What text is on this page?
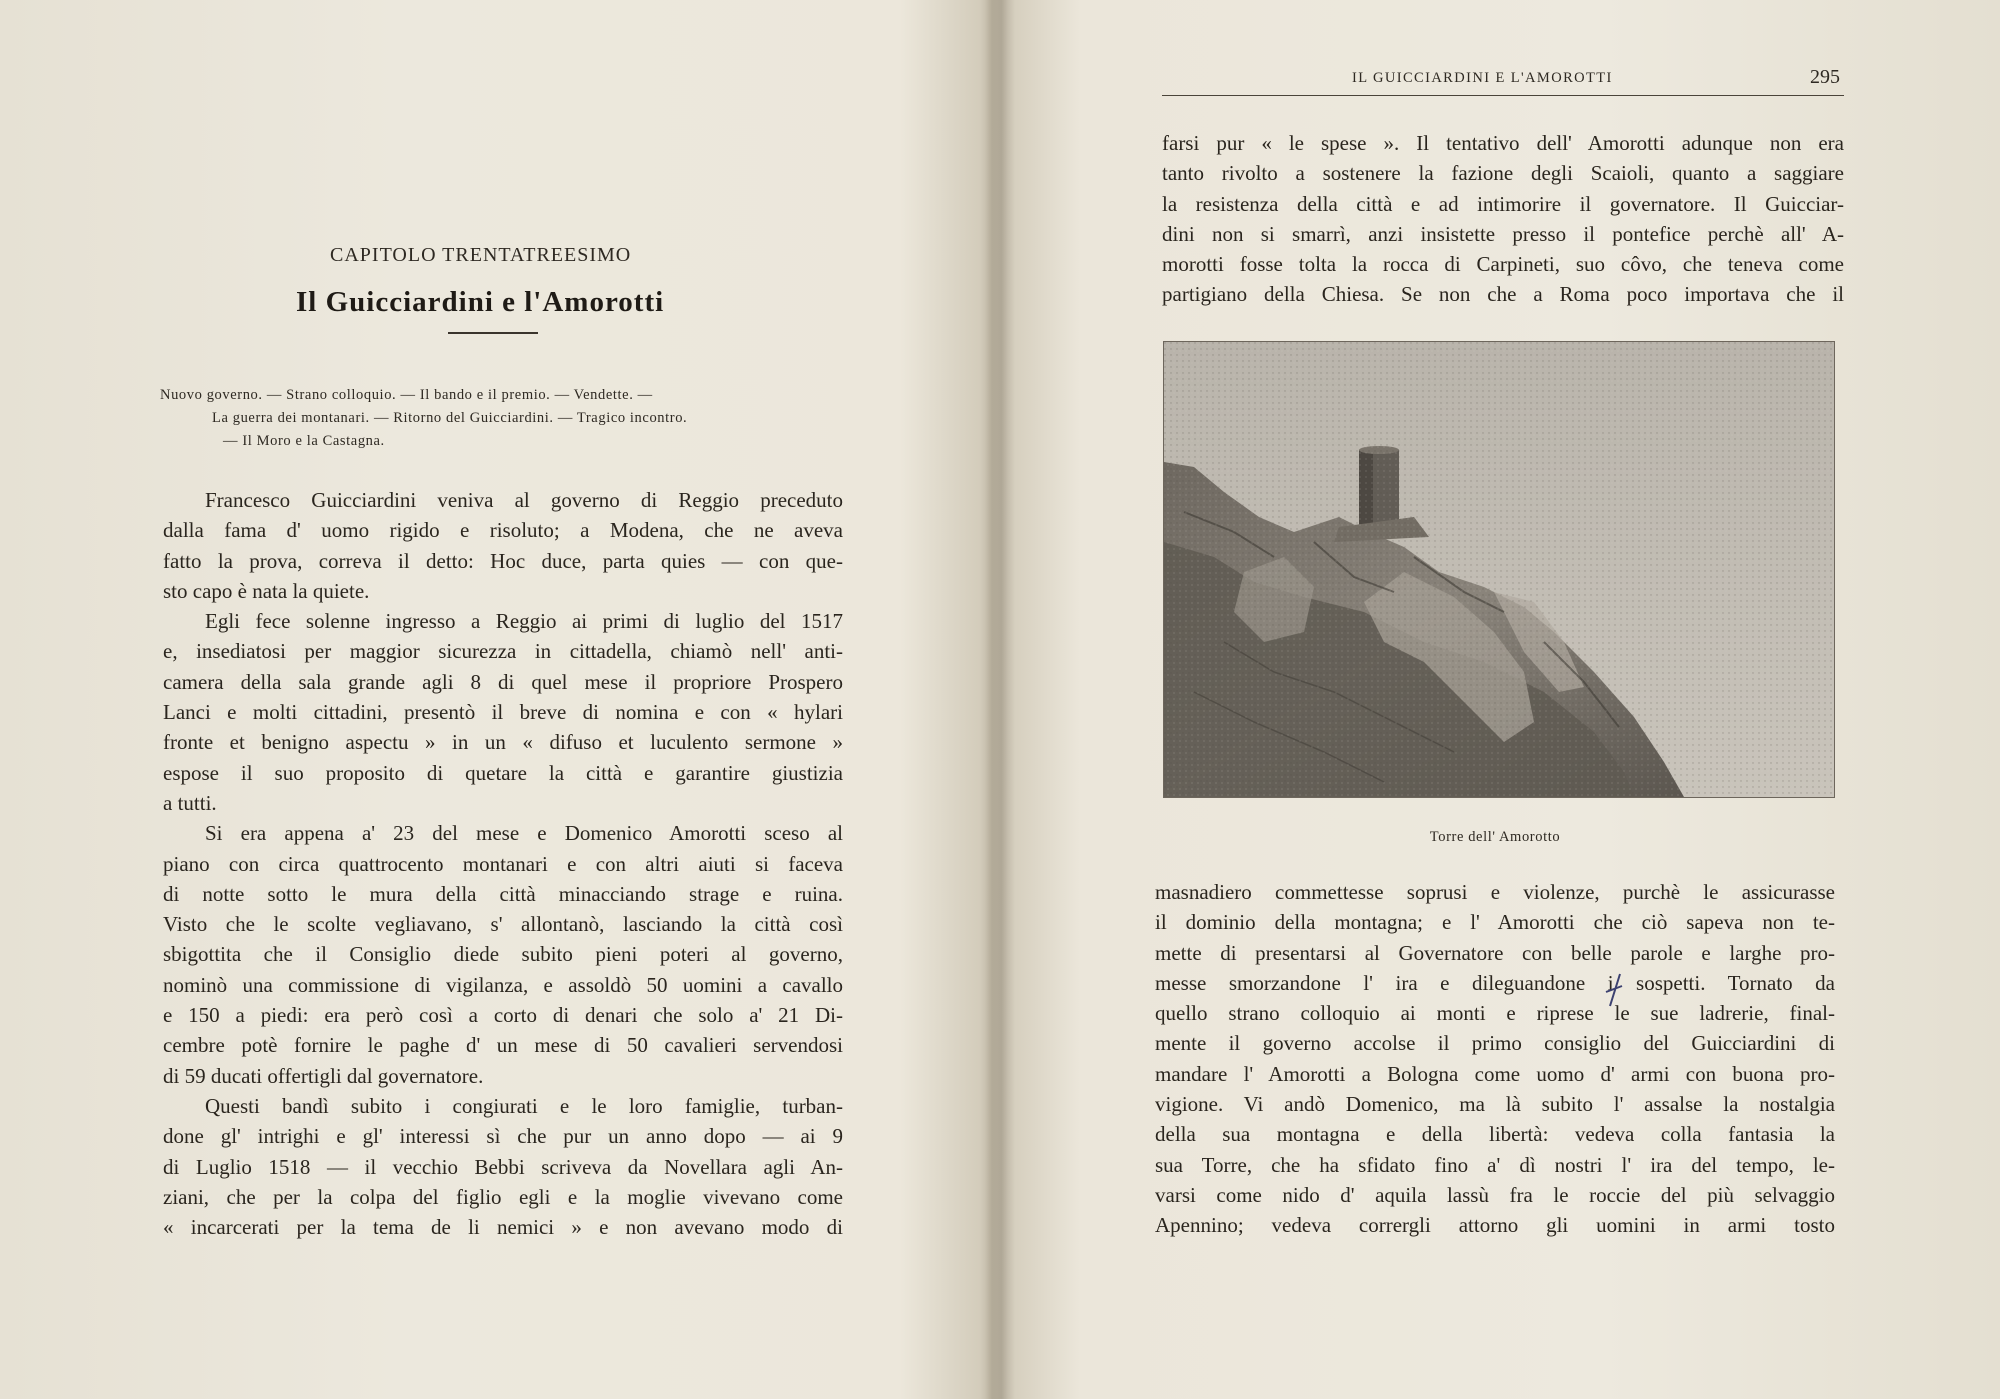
CAPITOLO TRENTATREESIMO
Il Guicciardini e l'Amorotti
Nuovo governo. — Strano colloquio. — Il bando e il premio. — Vendette. —
La guerra dei montanari. — Ritorno del Guicciardini. — Tragico incontro.
— Il Moro e la Castagna.
Francesco Guicciardini veniva al governo di Reggio preceduto
dalla fama d' uomo rigido e risoluto; a Modena, che ne aveva
fatto la prova, correva il detto: Hoc duce, parta quies — con que-
sto capo è nata la quiete.
Egli fece solenne ingresso a Reggio ai primi di luglio del 1517
e, insediatosi per maggior sicurezza in cittadella, chiamò nell' anti-
camera della sala grande agli 8 di quel mese il propriore Prospero
Lanci e molti cittadini, presentò il breve di nomina e con « hylari
fronte et benigno aspectu » in un « difuso et luculento sermone »
espose il suo proposito di quetare la città e garantire giustizia
a tutti.
Si era appena a' 23 del mese e Domenico Amorotti sceso al
piano con circa quattrocento montanari e con altri aiuti si faceva
di notte sotto le mura della città minacciando strage e ruina.
Visto che le scolte vegliavano, s' allontanò, lasciando la città così
sbigottita che il Consiglio diede subito pieni poteri al governo,
nominò una commissione di vigilanza, e assoldò 50 uomini a cavallo
e 150 a piedi: era però così a corto di denari che solo a' 21 Di-
cembre potè fornire le paghe d' un mese di 50 cavalieri servendosi
di 59 ducati offertigli dal governatore.
Questi bandì subito i congiurati e le loro famiglie, turban-
done gl' intrighi e gl' interessi sì che pur un anno dopo — ai 9
di Luglio 1518 — il vecchio Bebbi scriveva da Novellara agli An-
ziani, che per la colpa del figlio egli e la moglie vivevano come
« incarcerati per la tema de li nemici » e non avevano modo di
IL GUICCIARDINI E L'AMOROTTI	295
farsi pur « le spese ». Il tentativo dell' Amorotti adunque non era
tanto rivolto a sostenere la fazione degli Scaioli, quanto a saggiare
la resistenza della città e ad intimorire il governatore. Il Guicciar-
dini non si smarrì, anzi insistette presso il pontefice perchè all' A-
morotti fosse tolta la rocca di Carpineti, suo côvo, che teneva come
partigiano della Chiesa. Se non che a Roma poco importava che il
Torre dell' Amorotto
masnadiero commettesse soprusi e violenze, purchè le assicurasse
il dominio della montagna; e l' Amorotti che ciò sapeva non te-
mette di presentarsi al Governatore con belle parole e larghe pro-
messe smorzandone l' ira e dileguandone i sospetti. Tornato da
quello strano colloquio ai monti e riprese le sue ladrerie, final-
mente il governo accolse il primo consiglio del Guicciardini di
mandare l' Amorotti a Bologna come uomo d' armi con buona pro-
vigione. Vi andò Domenico, ma là subito l' assalse la nostalgia
della sua montagna e della libertà: vedeva colla fantasia la
sua Torre, che ha sfidato fino a' dì nostri l' ira del tempo, le-
varsi come nido d' aquila lassù fra le roccie del più selvaggio
Apennino; vedeva corrergli attorno gli uomini in armi tosto
